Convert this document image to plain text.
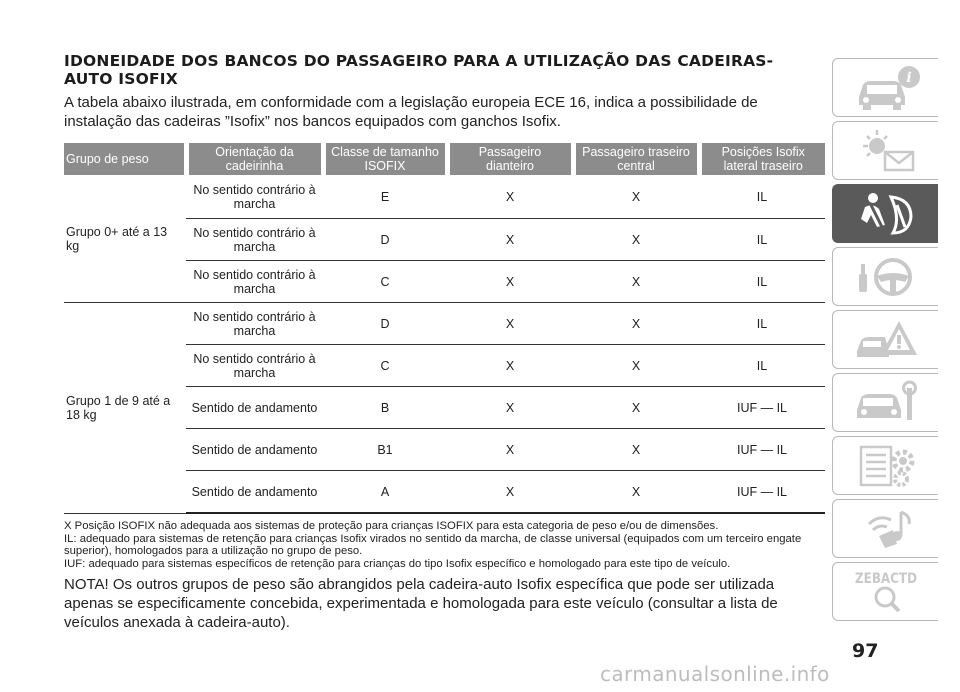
IDONEIDADE DOS BANCOS DO PASSAGEIRO PARA A UTILIZAÇÃO DAS CADEIRAS-AUTO ISOFIX

A tabela abaixo ilustrada, em conformidade com a legislação europeia ECE 16, indica a possibilidade de instalação das cadeiras ”Isofix” nos bancos equipados com ganchos Isofix.

Grupo de peso	Orientação da cadeirinha	Classe de tamanho ISOFIX	Passageiro dianteiro	Passageiro traseiro central	Posições Isofix lateral traseiro
Grupo 0+ até a 13 kg	No sentido contrário à marcha	E	X	X	IL
	No sentido contrário à marcha	D	X	X	IL
	No sentido contrário à marcha	C	X	X	IL
Grupo 1 de 9 até a 18 kg	No sentido contrário à marcha	D	X	X	IL
	No sentido contrário à marcha	C	X	X	IL
	Sentido de andamento	B	X	X	IUF — IL
	Sentido de andamento	B1	X	X	IUF — IL
	Sentido de andamento	A	X	X	IUF — IL

X Posição ISOFIX não adequada aos sistemas de proteção para crianças ISOFIX para esta categoria de peso e/ou de dimensões.

IL: adequado para sistemas de retenção para crianças Isofix virados no sentido da marcha, de classe universal (equipados com um terceiro engate superior), homologados para a utilização no grupo de peso.

IUF: adequado para sistemas específicos de retenção para crianças do tipo Isofix específico e homologado para este tipo de veículo.

NOTA! Os outros grupos de peso são abrangidos pela cadeira-auto Isofix específica que pode ser utilizada apenas se especificamente concebida, experimentada e homologada para este veículo (consultar a lista de veículos anexada à cadeira-auto).

97
carmanualsonline.info
i
ZEBACTD
